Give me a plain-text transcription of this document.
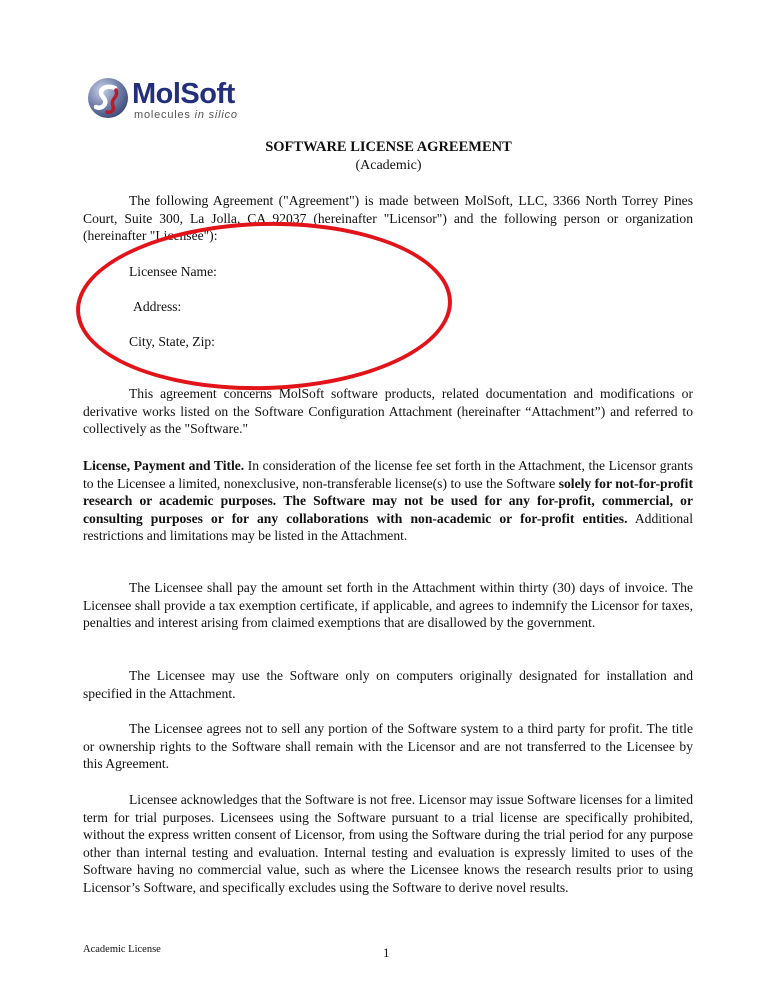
MolSoft
molecules in silico
SOFTWARE LICENSE AGREEMENT
(Academic)

The following Agreement ("Agreement") is made between MolSoft, LLC, 3366 North Torrey Pines Court, Suite 300, La Jolla, CA 92037 (hereinafter "Licensor") and the following person or organization (hereinafter "Licensee"):

Licensee Name:
Address:
City, State, Zip:

This agreement concerns MolSoft software products, related documentation and modifications or derivative works listed on the Software Configuration Attachment (hereinafter “Attachment”) and referred to collectively as the "Software."

License, Payment and Title. In consideration of the license fee set forth in the Attachment, the Licensor grants to the Licensee a limited, nonexclusive, non-transferable license(s) to use the Software solely for not-for-profit research or academic purposes. The Software may not be used for any for-profit, commercial, or consulting purposes or for any collaborations with non-academic or for-profit entities. Additional restrictions and limitations may be listed in the Attachment.

The Licensee shall pay the amount set forth in the Attachment within thirty (30) days of invoice. The Licensee shall provide a tax exemption certificate, if applicable, and agrees to indemnify the Licensor for taxes, penalties and interest arising from claimed exemptions that are disallowed by the government.

The Licensee may use the Software only on computers originally designated for installation and specified in the Attachment.

The Licensee agrees not to sell any portion of the Software system to a third party for profit. The title or ownership rights to the Software shall remain with the Licensor and are not transferred to the Licensee by this Agreement.

Licensee acknowledges that the Software is not free. Licensor may issue Software licenses for a limited term for trial purposes. Licensees using the Software pursuant to a trial license are specifically prohibited, without the express written consent of Licensor, from using the Software during the trial period for any purpose other than internal testing and evaluation. Internal testing and evaluation is expressly limited to uses of the Software having no commercial value, such as where the Licensee knows the research results prior to using Licensor’s Software, and specifically excludes using the Software to derive novel results.

Academic License	1
